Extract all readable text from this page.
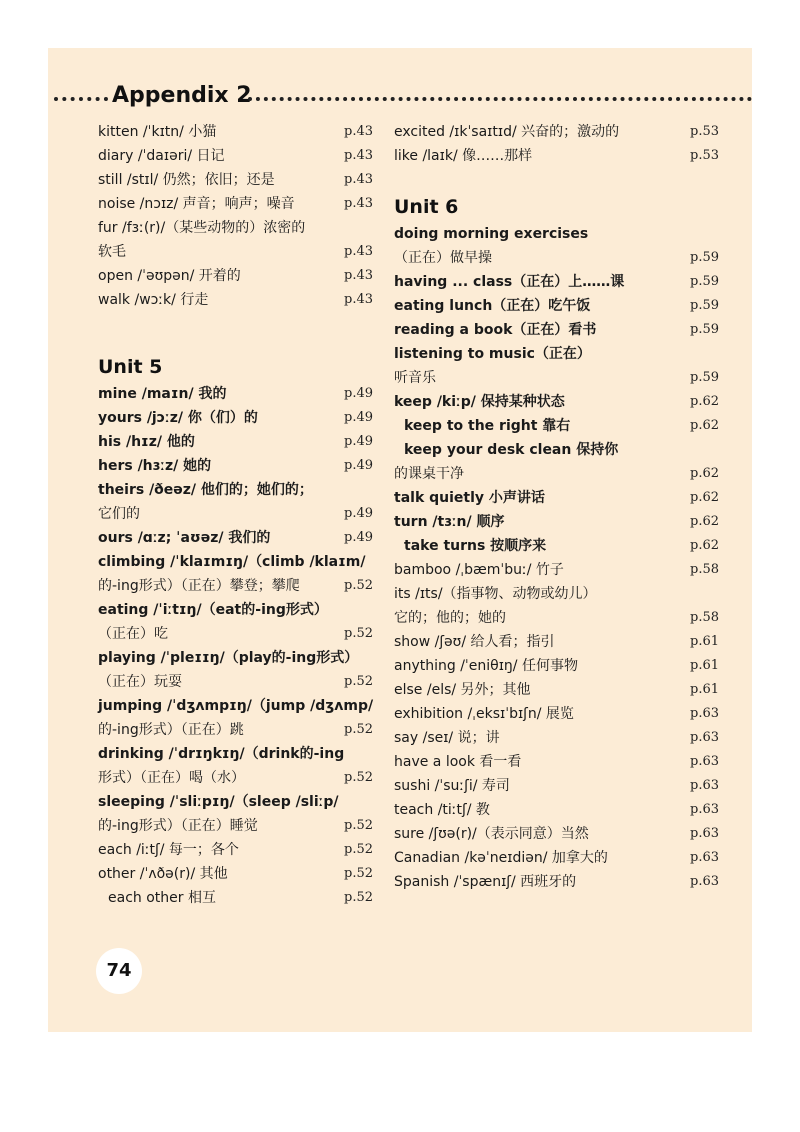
Appendix 2
kitten /ˈkɪtn/ 小猫	p.43
diary /ˈdaɪəri/ 日记	p.43
still /stɪl/ 仍然；依旧；还是	p.43
noise /nɔɪz/ 声音；响声；噪音	p.43
fur /fɜː(r)/（某些动物的）浓密的
软毛	p.43
open /ˈəʊpən/ 开着的	p.43
walk /wɔːk/ 行走	p.43
Unit 5
mine /maɪn/ 我的	p.49
yours /jɔːz/ 你（们）的	p.49
his /hɪz/ 他的	p.49
hers /hɜːz/ 她的	p.49
theirs /ðeəz/ 他们的；她们的；
它们的	p.49
ours /ɑːz; ˈaʊəz/ 我们的	p.49
climbing /ˈklaɪmɪŋ/（climb /klaɪm/
的-ing形式）（正在）攀登；攀爬	p.52
eating /ˈiːtɪŋ/（eat的-ing形式）
（正在）吃	p.52
playing /ˈpleɪɪŋ/（play的-ing形式）
（正在）玩耍	p.52
jumping /ˈdʒʌmpɪŋ/（jump /dʒʌmp/
的-ing形式）（正在）跳	p.52
drinking /ˈdrɪŋkɪŋ/（drink的-ing
形式）（正在）喝（水）	p.52
sleeping /ˈsliːpɪŋ/（sleep /sliːp/
的-ing形式）（正在）睡觉	p.52
each /iːtʃ/ 每一；各个	p.52
other /ˈʌðə(r)/ 其他	p.52
each other 相互	p.52
excited /ɪkˈsaɪtɪd/ 兴奋的；激动的	p.53
like /laɪk/ 像……那样	p.53
Unit 6
doing morning exercises
（正在）做早操	p.59
having ... class（正在）上……课	p.59
eating lunch（正在）吃午饭	p.59
reading a book（正在）看书	p.59
listening to music（正在）
听音乐	p.59
keep /kiːp/ 保持某种状态	p.62
keep to the right 靠右	p.62
keep your desk clean 保持你
的课桌干净	p.62
talk quietly 小声讲话	p.62
turn /tɜːn/ 顺序	p.62
take turns 按顺序来	p.62
bamboo /ˌbæmˈbuː/ 竹子	p.58
its /ɪts/（指事物、动物或幼儿）
它的；他的；她的	p.58
show /ʃəʊ/ 给人看；指引	p.61
anything /ˈeniθɪŋ/ 任何事物	p.61
else /els/ 另外；其他	p.61
exhibition /ˌeksɪˈbɪʃn/ 展览	p.63
say /seɪ/ 说；讲	p.63
have a look 看一看	p.63
sushi /ˈsuːʃi/ 寿司	p.63
teach /tiːtʃ/ 教	p.63
sure /ʃʊə(r)/（表示同意）当然	p.63
Canadian /kəˈneɪdiən/ 加拿大的	p.63
Spanish /ˈspænɪʃ/ 西班牙的	p.63
74
